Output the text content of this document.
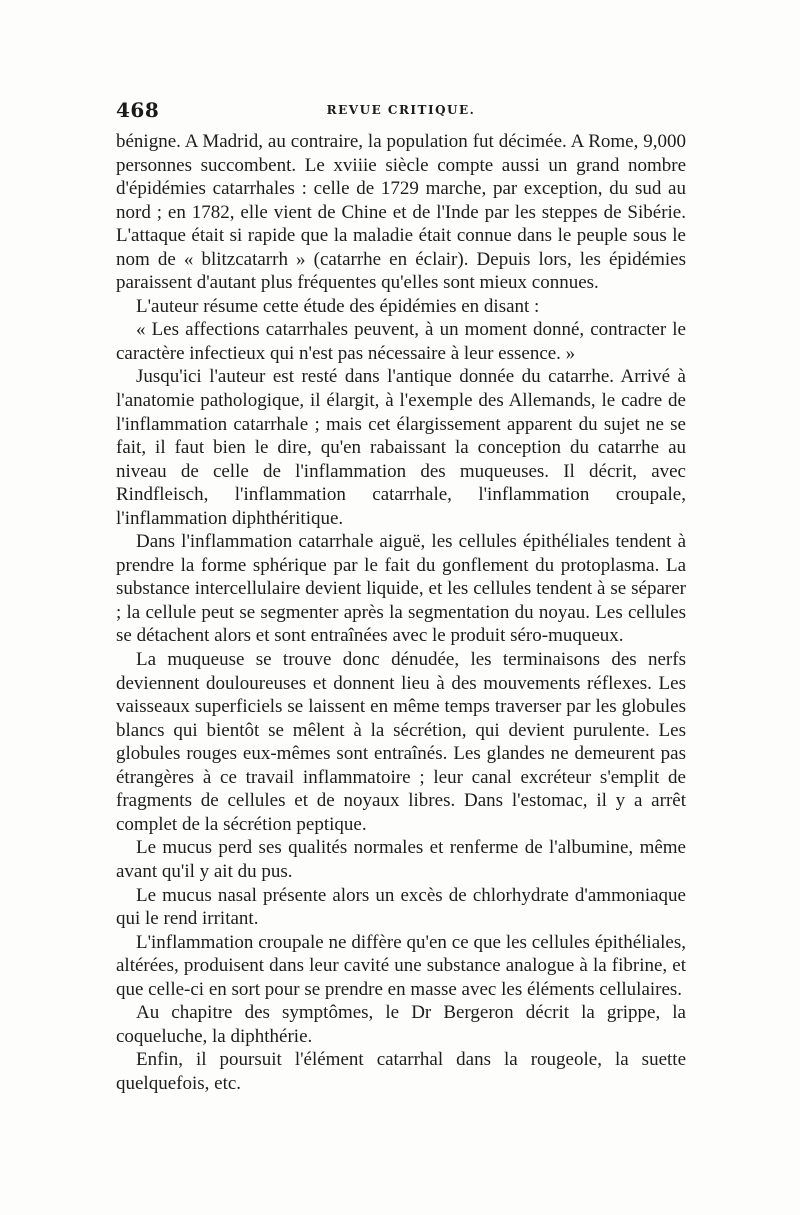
468	REVUE CRITIQUE.

bénigne. A Madrid, au contraire, la population fut décimée. A Rome, 9,000 personnes succombent. Le xviiie siècle compte aussi un grand nombre d'épidémies catarrhales : celle de 1729 marche, par exception, du sud au nord ; en 1782, elle vient de Chine et de l'Inde par les steppes de Sibérie. L'attaque était si rapide que la maladie était connue dans le peuple sous le nom de « blitzcatarrh » (catarrhe en éclair). Depuis lors, les épidémies paraissent d'autant plus fréquentes qu'elles sont mieux connues.

L'auteur résume cette étude des épidémies en disant :

« Les affections catarrhales peuvent, à un moment donné, contracter le caractère infectieux qui n'est pas nécessaire à leur essence. »

Jusqu'ici l'auteur est resté dans l'antique donnée du catarrhe. Arrivé à l'anatomie pathologique, il élargit, à l'exemple des Allemands, le cadre de l'inflammation catarrhale ; mais cet élargissement apparent du sujet ne se fait, il faut bien le dire, qu'en rabaissant la conception du catarrhe au niveau de celle de l'inflammation des muqueuses. Il décrit, avec Rindfleisch, l'inflammation catarrhale, l'inflammation croupale, l'inflammation diphthéritique.

Dans l'inflammation catarrhale aiguë, les cellules épithéliales tendent à prendre la forme sphérique par le fait du gonflement du protoplasma. La substance intercellulaire devient liquide, et les cellules tendent à se séparer ; la cellule peut se segmenter après la segmentation du noyau. Les cellules se détachent alors et sont entraînées avec le produit séro-muqueux.

La muqueuse se trouve donc dénudée, les terminaisons des nerfs deviennent douloureuses et donnent lieu à des mouvements réflexes. Les vaisseaux superficiels se laissent en même temps traverser par les globules blancs qui bientôt se mêlent à la sécrétion, qui devient purulente. Les globules rouges eux-mêmes sont entraînés. Les glandes ne demeurent pas étrangères à ce travail inflammatoire ; leur canal excréteur s'emplit de fragments de cellules et de noyaux libres. Dans l'estomac, il y a arrêt complet de la sécrétion peptique.

Le mucus perd ses qualités normales et renferme de l'albumine, même avant qu'il y ait du pus.

Le mucus nasal présente alors un excès de chlorhydrate d'ammoniaque qui le rend irritant.

L'inflammation croupale ne diffère qu'en ce que les cellules épithéliales, altérées, produisent dans leur cavité une substance analogue à la fibrine, et que celle-ci en sort pour se prendre en masse avec les éléments cellulaires.

Au chapitre des symptômes, le Dr Bergeron décrit la grippe, la coqueluche, la diphthérie.

Enfin, il poursuit l'élément catarrhal dans la rougeole, la suette quelquefois, etc.
